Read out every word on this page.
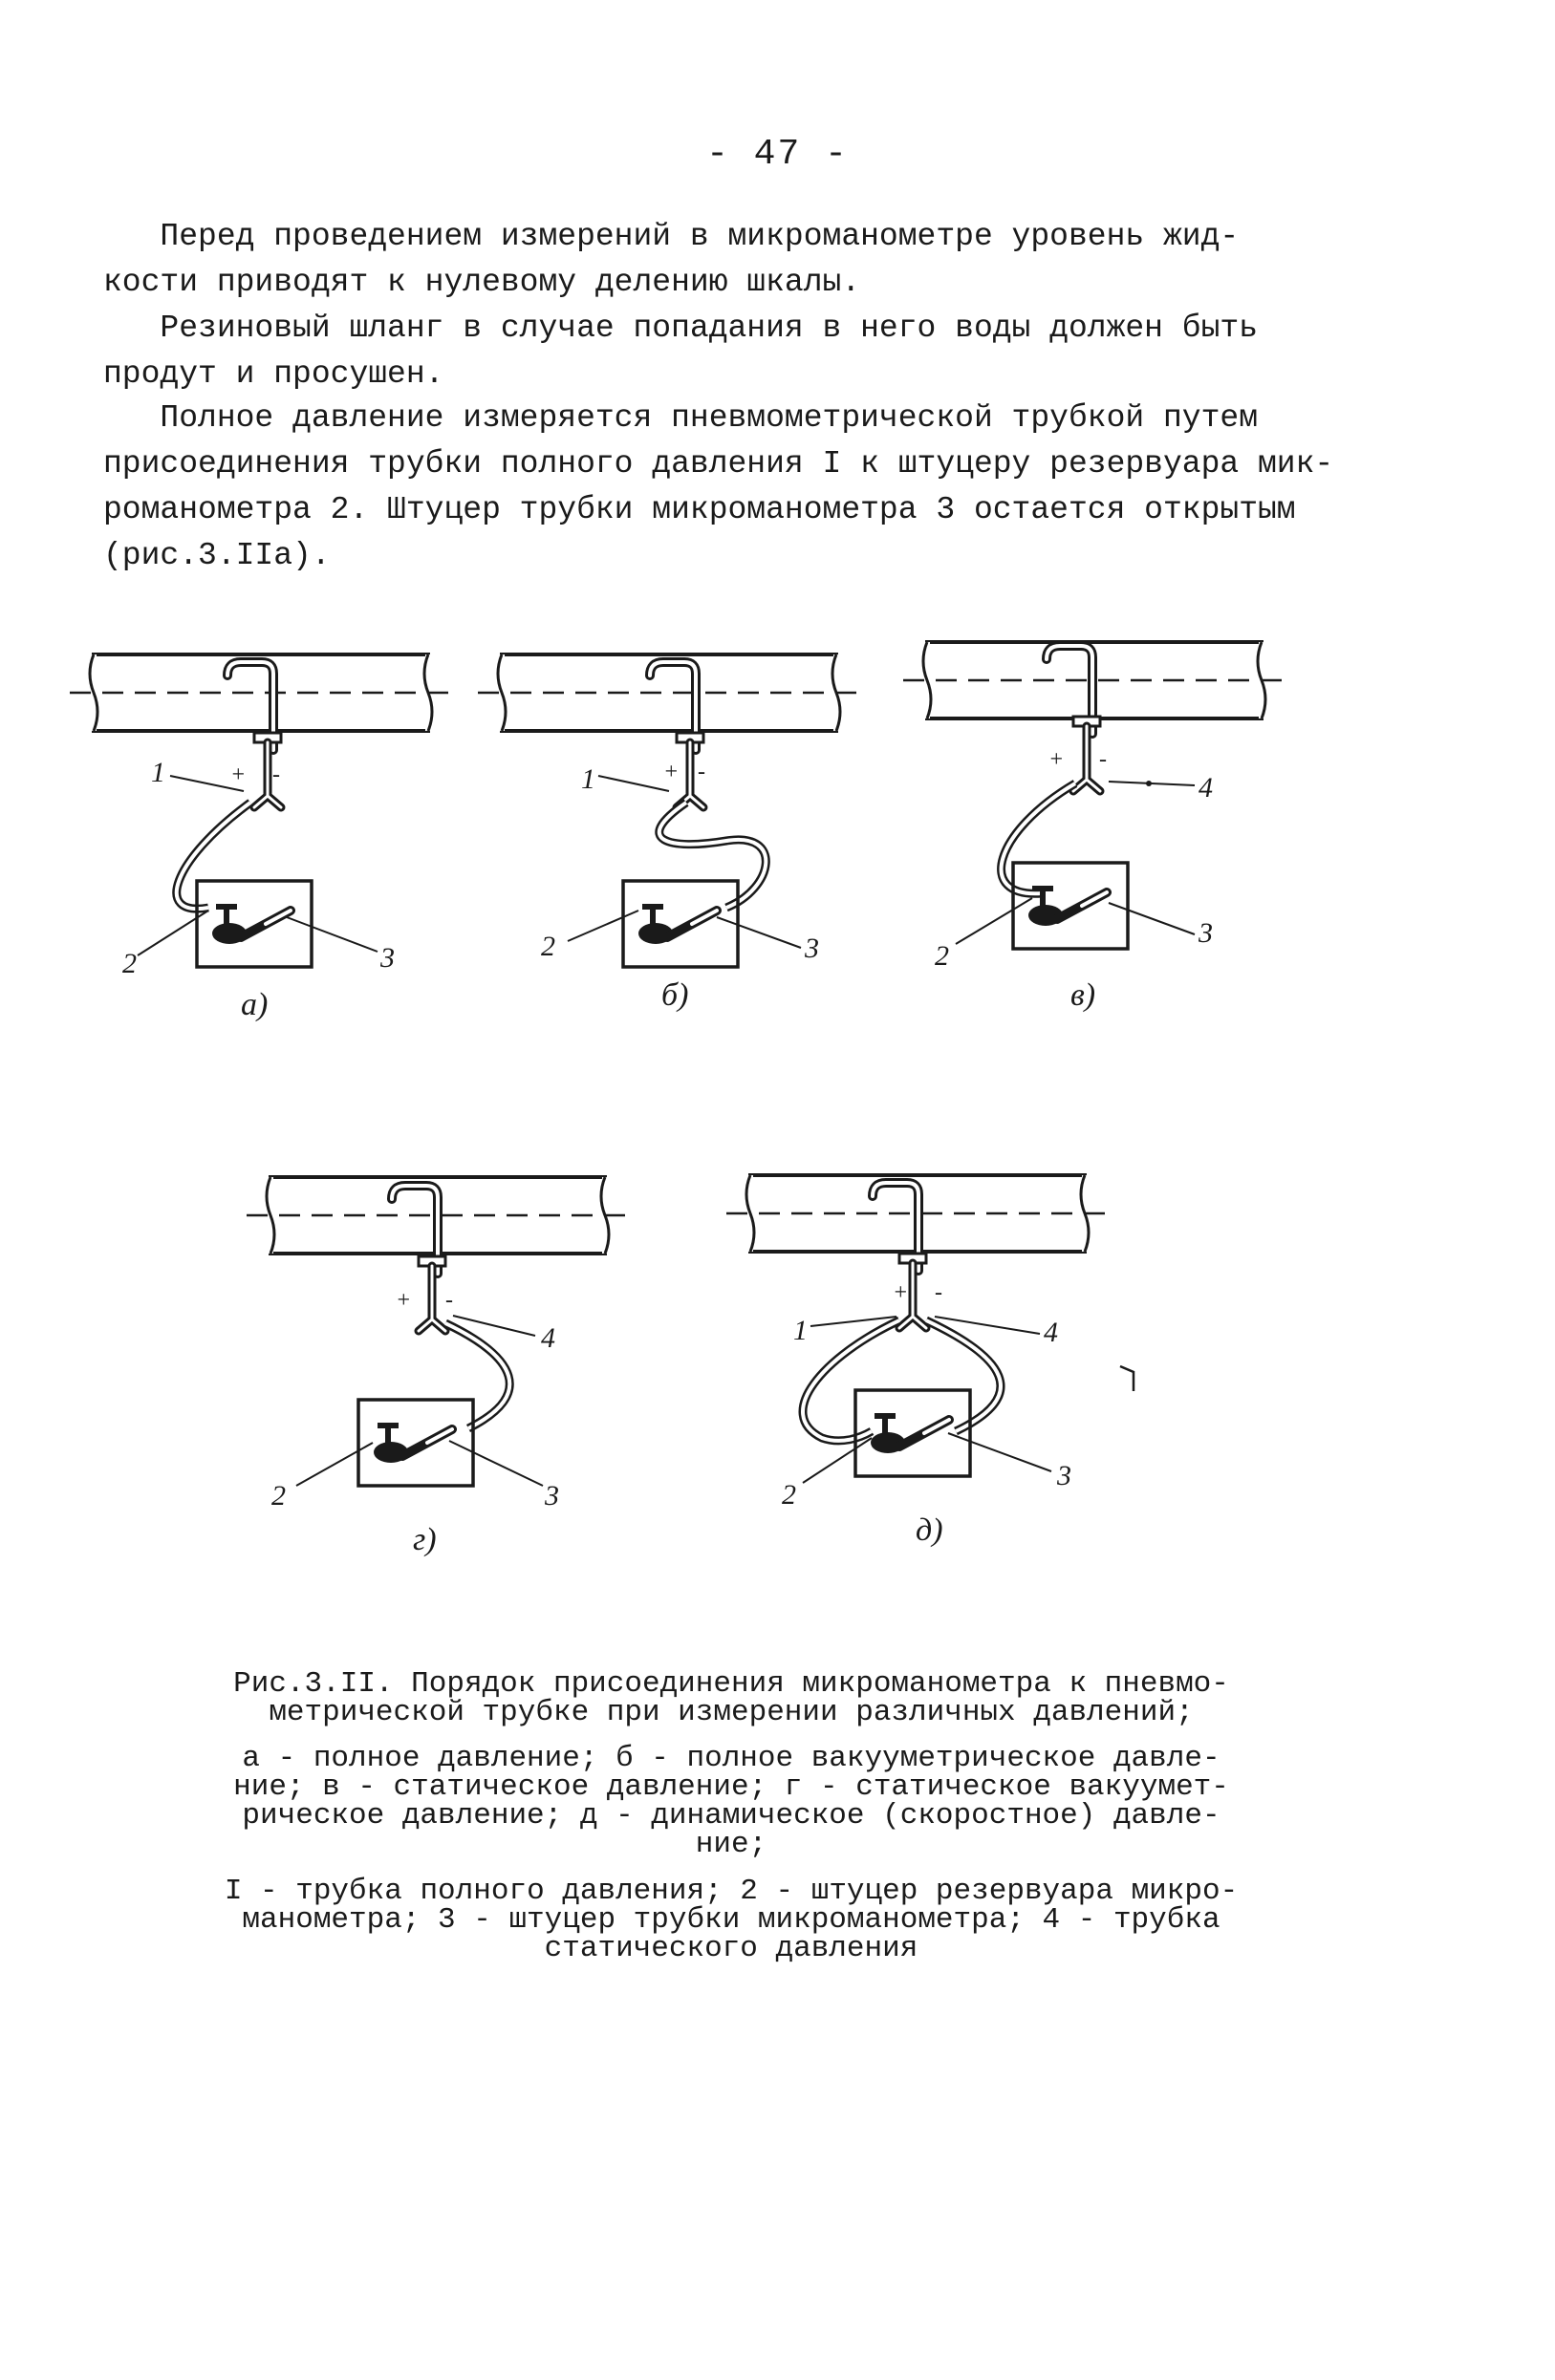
- 47 -

Перед проведением измерений в микроманометре уровень жид-
кости приводят к нулевому делению шкалы.

Резиновый шланг в случае попадания в него воды должен быть
продут и просушен.

Полное давление измеряется пневмометрической трубкой путем
присоединения трубки полного давления I к штуцеру резервуара мик-
романометра 2. Штуцер трубки микроманометра 3 остается открытым
(рис.3.IIа).

+ -
1
2	3
а)
+ -
1
2	3
б)
+ -
4
2
3
в)
+ -
4
2	3
г)
+ -
1	4
2
3
д)

Рис.3.II. Порядок присоединения микроманометра к пневмо-
метрической трубке при измерении различных давлений;

а - полное давление; б - полное вакууметрическое давле-
ние; в - статическое давление; г - статическое вакуумет-
рическое давление; д - динамическое (скоростное) давле-
ние;

I - трубка полного давления; 2 - штуцер резервуара микро-
манометра; 3 - штуцер трубки микроманометра; 4 - трубка
статического давления
